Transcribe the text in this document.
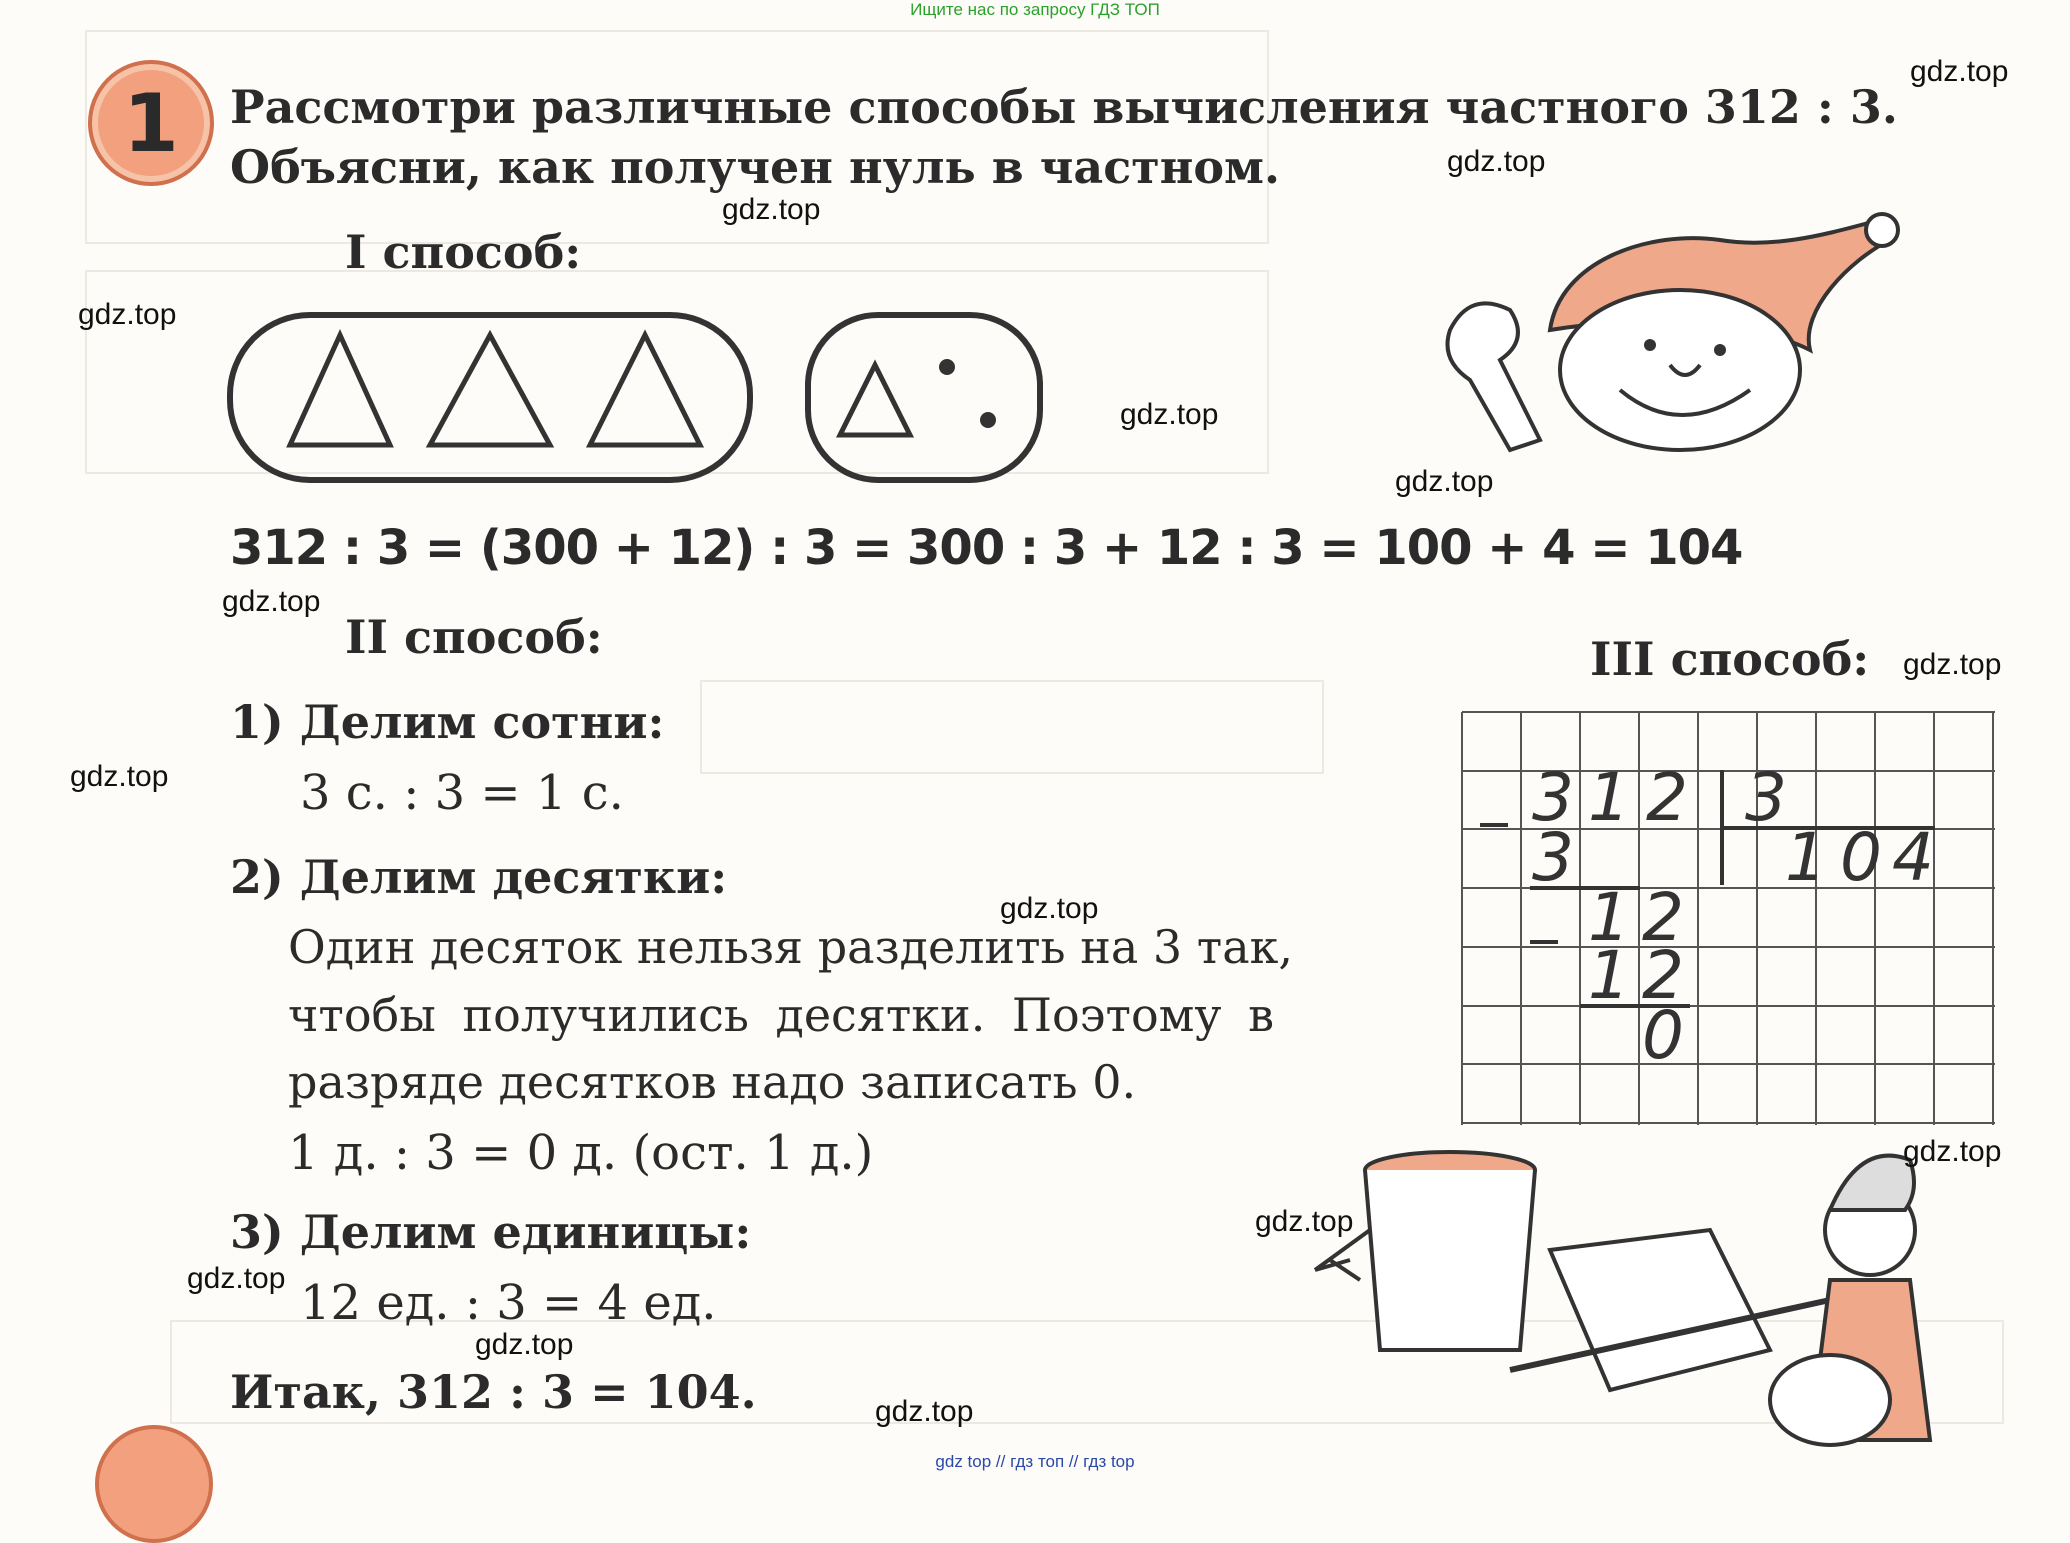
Ищите нас по запросу ГДЗ ТОП
1 Рассмотри различные способы вычисления частного 312 : 3.
Объясни, как получен нуль в частном.
I способ:
312 : 3 = (300 + 12) : 3 = 300 : 3 + 12 : 3 = 100 + 4 = 104
II способ:
1) Делим сотни:
3 с. : 3 = 1 с.
2) Делим десятки:
Один десяток нельзя разделить на 3 так,
чтобы получились десятки. Поэтому в
разряде десятков надо записать 0.
1 д. : 3 = 0 д. (ост. 1 д.)
3) Делим единицы:
12 ед. : 3 = 4 ед.
Итак, 312 : 3 = 104.
III способ:
3 1 2 3
3	1 0 4
1 2
1 2
0
gdz.top
gdz.top
gdz.top
gdz.top
gdz.top
gdz.top
gdz.top
gdz.top
gdz.top
gdz.top
gdz.top
gdz.top
gdz.top
gdz.top
gdz.top
gdz top // гдз топ // гдз top
